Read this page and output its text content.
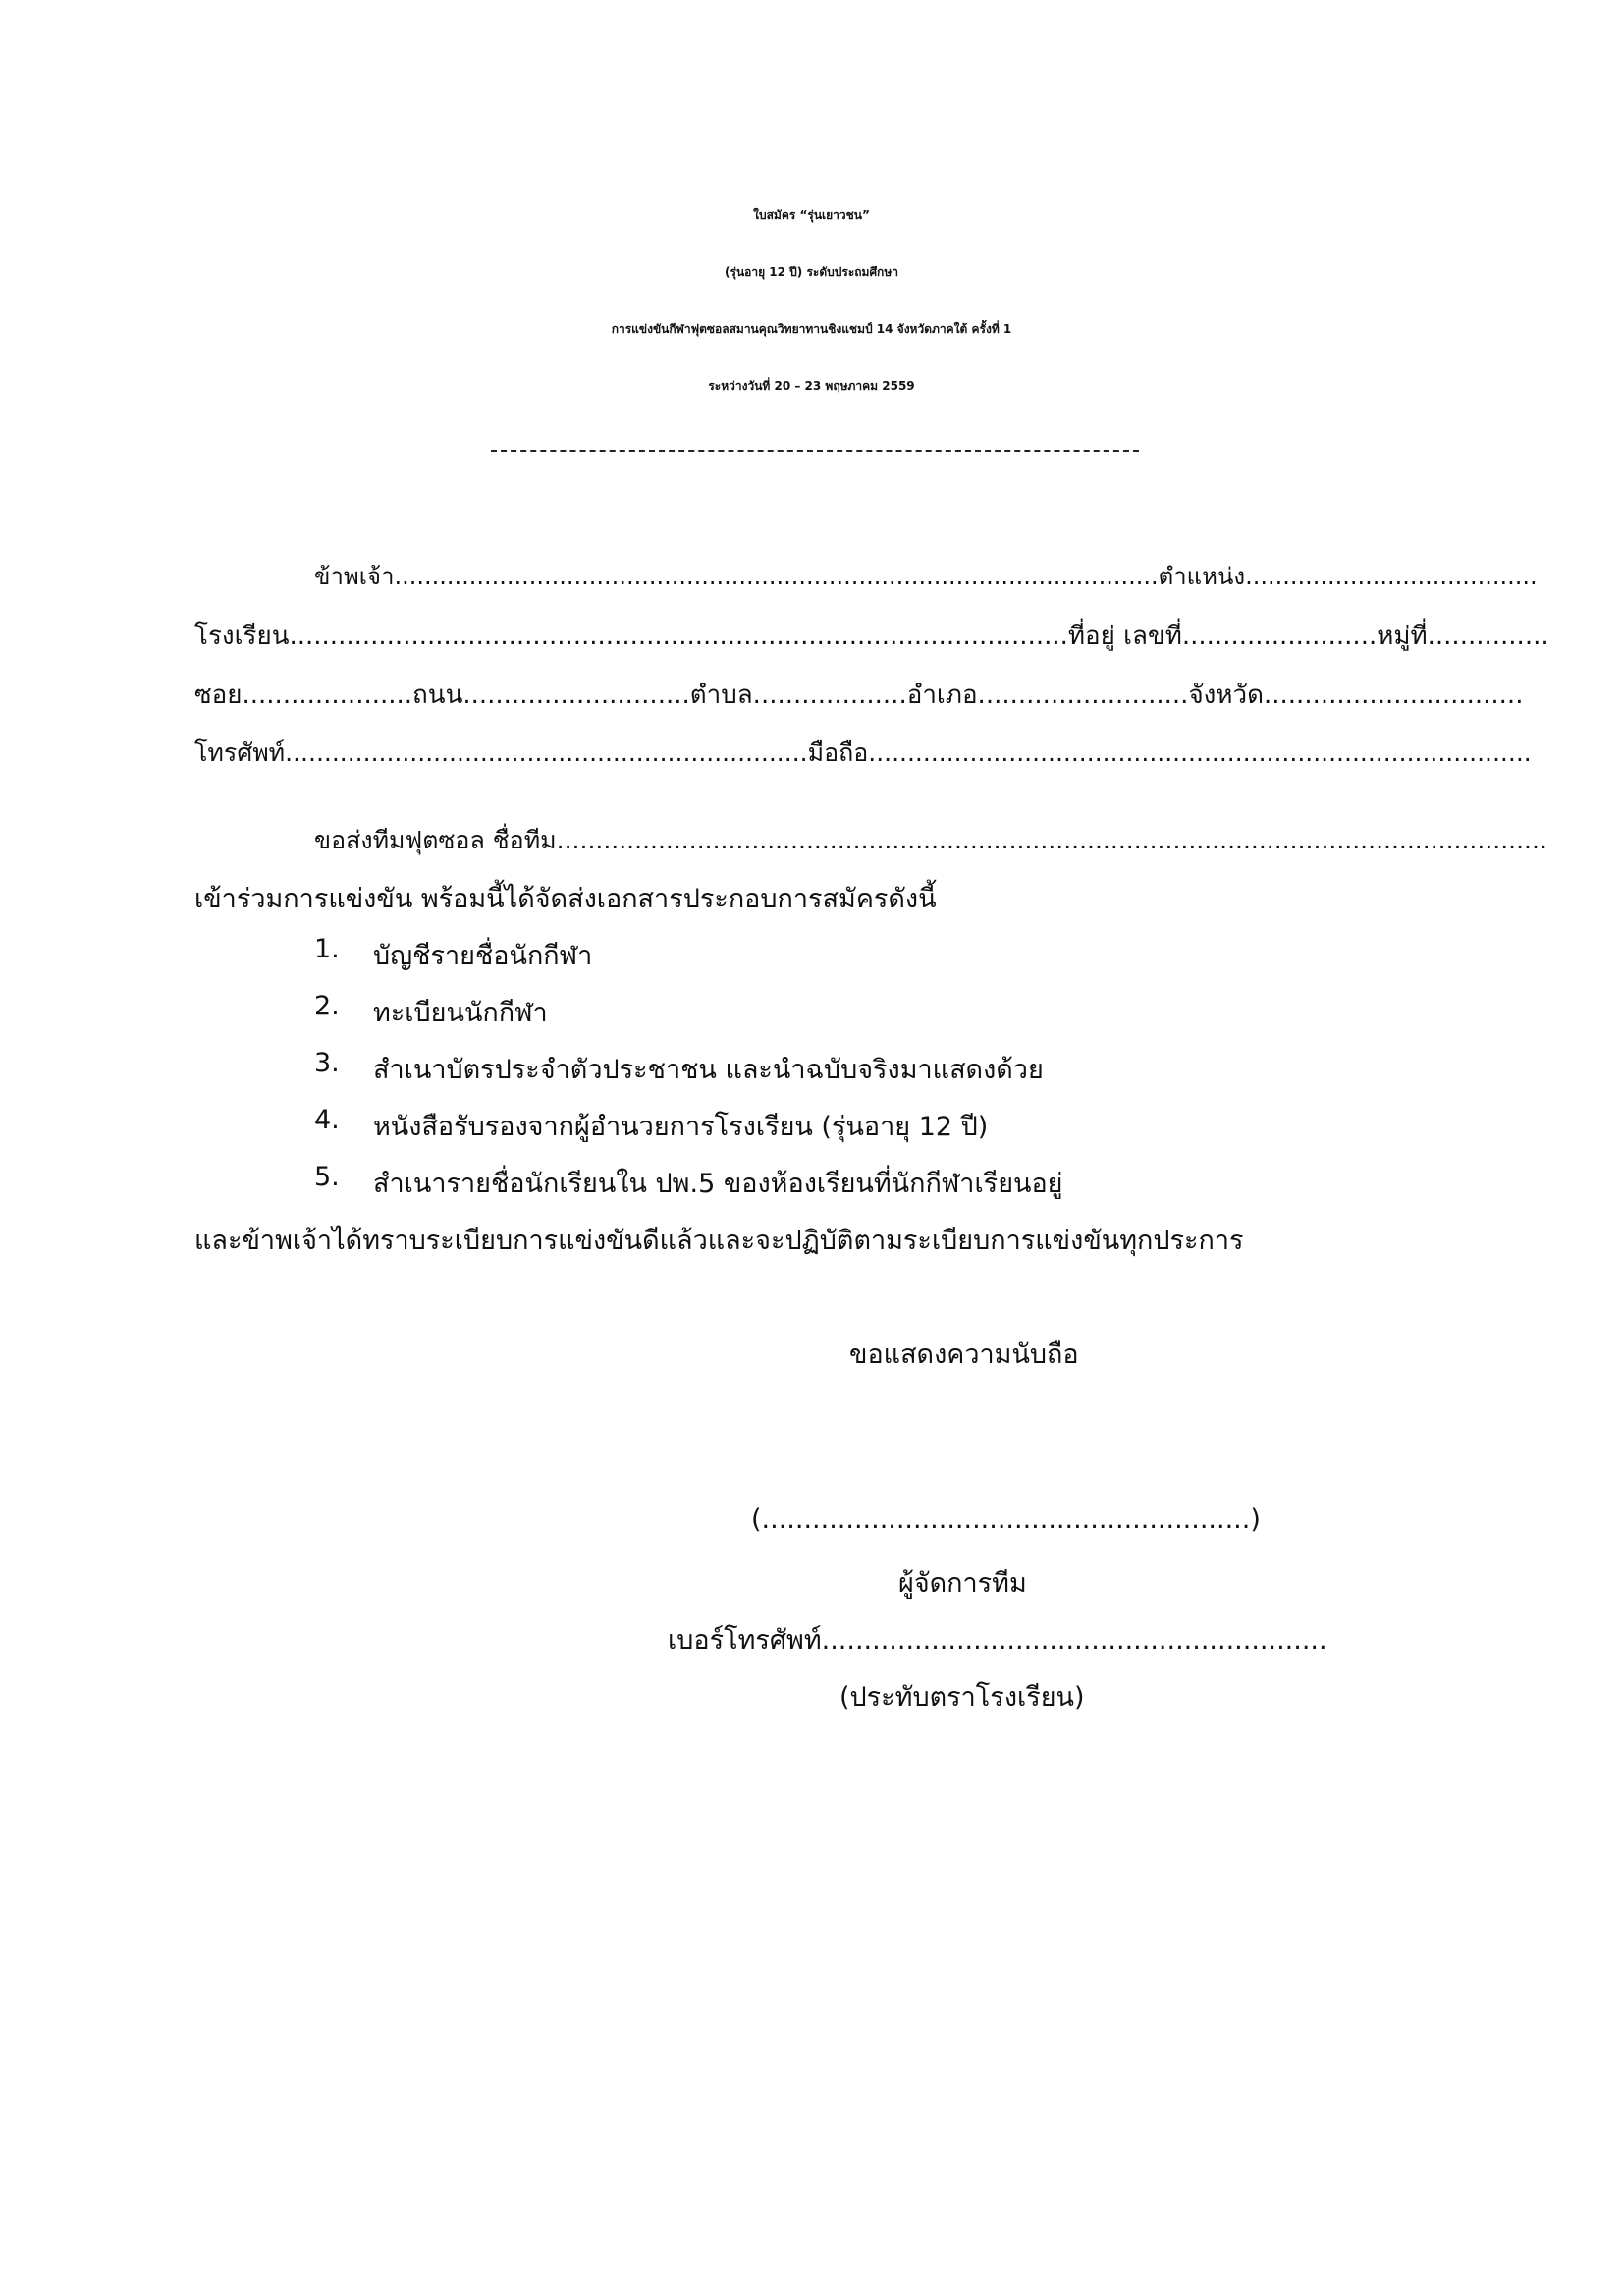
ใบสมัคร “รุ่นเยาวชน”
(รุ่นอายุ 12 ปี) ระดับประถมศึกษา
การแข่งขันกีฬาฟุตซอลสมานคุณวิทยาทานชิงแชมป์ 14 จังหวัดภาคใต้ ครั้งที่ 1
ระหว่างวันที่ 20 – 23 พฤษภาคม 2559
ข้าพเจ้า......................................................................................................ตำแหน่ง.......................................
โรงเรียน................................................................................................ที่อยู่ เลขที่........................หมู่ที่...............
ซอย.....................ถนน............................ตำบล...................อำเภอ..........................จังหวัด................................
โทรศัพท์...................................................................มือถือ.....................................................................................
ขอส่งทีมฟุตซอล ชื่อทีม...............................................................................................................................
เข้าร่วมการแข่งขัน พร้อมนี้ได้จัดส่งเอกสารประกอบการสมัครดังนี้
1. บัญชีรายชื่อนักกีฬา
2. ทะเบียนนักกีฬา
3. สำเนาบัตรประจำตัวประชาชน และนำฉบับจริงมาแสดงด้วย
4. หนังสือรับรองจากผู้อำนวยการโรงเรียน (รุ่นอายุ 12 ปี)
5. สำเนารายชื่อนักเรียนใน ปพ.5 ของห้องเรียนที่นักกีฬาเรียนอยู่
และข้าพเจ้าได้ทราบระเบียบการแข่งขันดีแล้วและจะปฏิบัติตามระเบียบการแข่งขันทุกประการ
ขอแสดงความนับถือ
(..........................................................)
ผู้จัดการทีม
เบอร์โทรศัพท์............................................................
(ประทับตราโรงเรียน)
